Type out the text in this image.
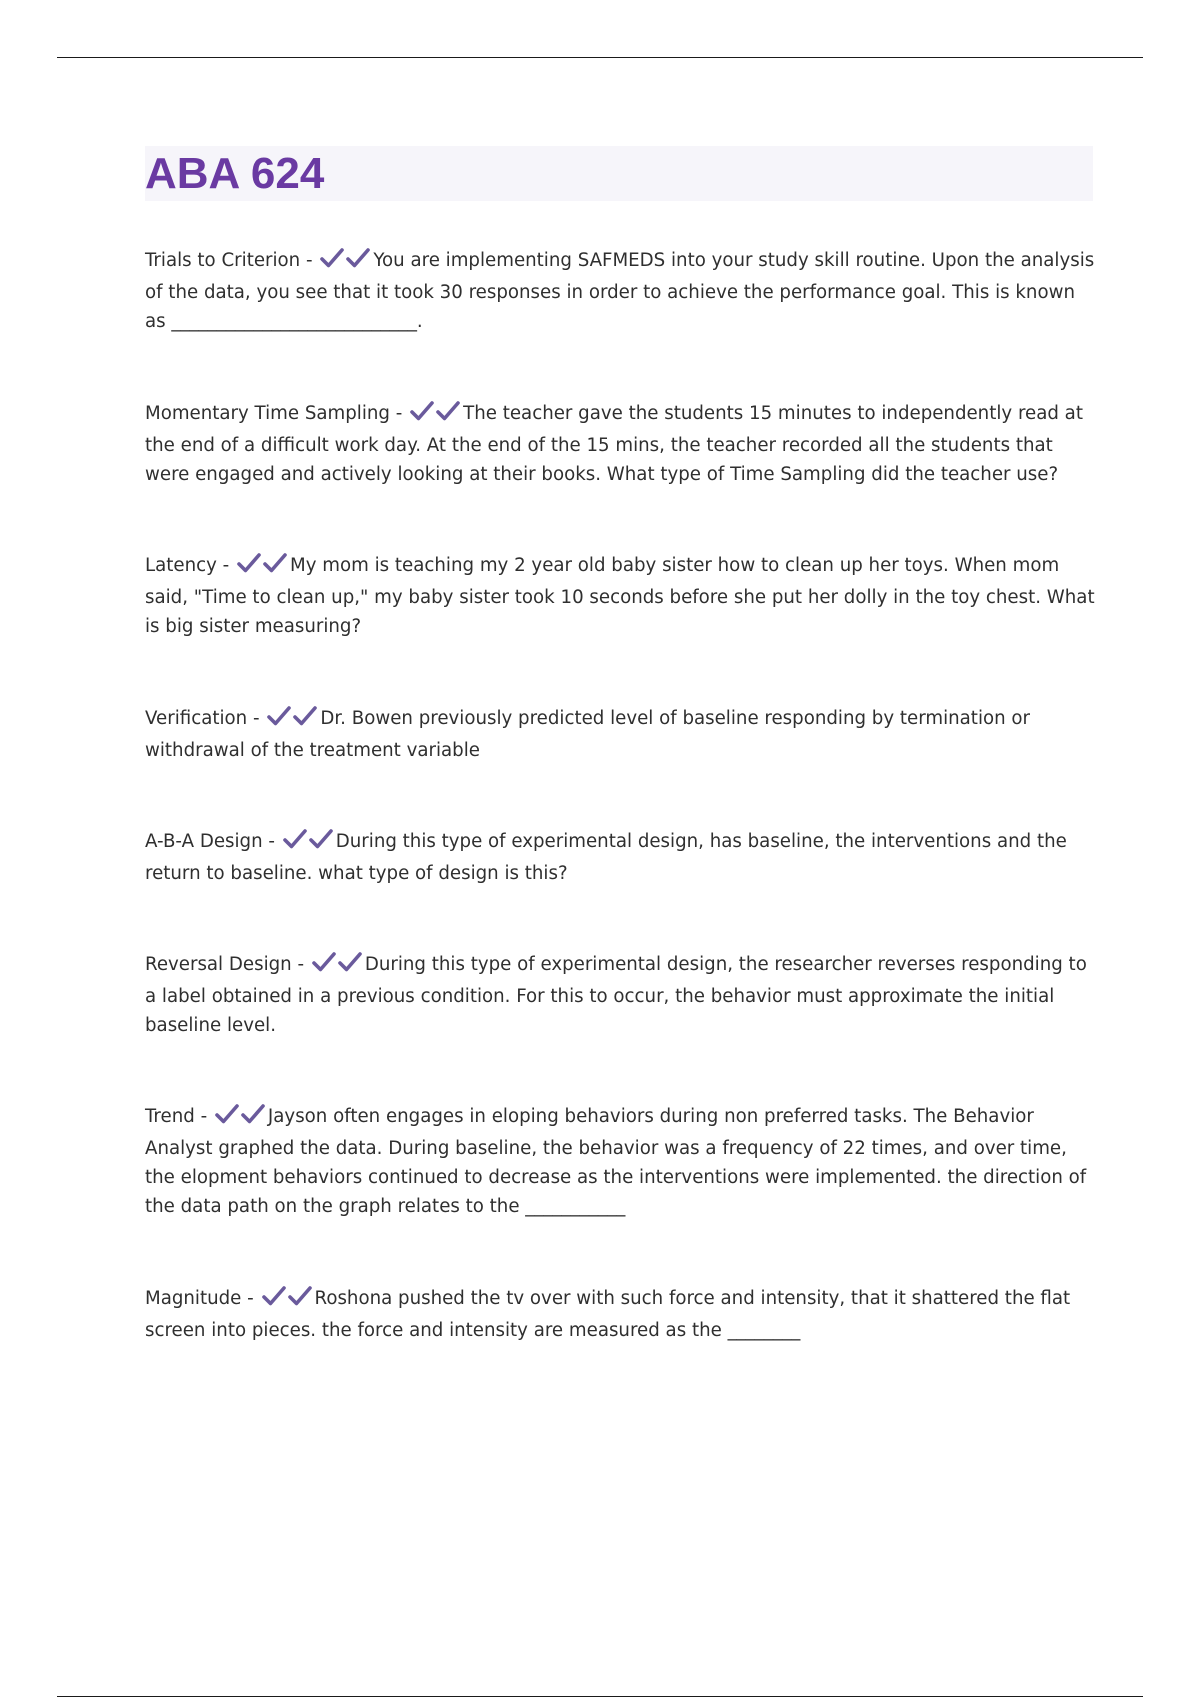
ABA 624

Trials to Criterion -	You are implementing SAFMEDS into your study skill routine. Upon the analysis of the data, you see that it took 30 responses in order to achieve the performance goal. This is known as ___________________________.

Momentary Time Sampling -	The teacher gave the students 15 minutes to independently read at the end of a difficult work day. At the end of the 15 mins, the teacher recorded all the students that were engaged and actively looking at their books. What type of Time Sampling did the teacher use?

Latency -	My mom is teaching my 2 year old baby sister how to clean up her toys. When mom said, "Time to clean up," my baby sister took 10 seconds before she put her dolly in the toy chest. What is big sister measuring?

Verification -	Dr. Bowen previously predicted level of baseline responding by termination or withdrawal of the treatment variable

A-B-A Design -	During this type of experimental design, has baseline, the interventions and the return to baseline. what type of design is this?

Reversal Design -	During this type of experimental design, the researcher reverses responding to a label obtained in a previous condition. For this to occur, the behavior must approximate the initial baseline level.

Trend -	Jayson often engages in eloping behaviors during non preferred tasks. The Behavior Analyst graphed the data. During baseline, the behavior was a frequency of 22 times, and over time, the elopment behaviors continued to decrease as the interventions were implemented. the direction of the data path on the graph relates to the ___________

Magnitude -	Roshona pushed the tv over with such force and intensity, that it shattered the flat screen into pieces. the force and intensity are measured as the ________
